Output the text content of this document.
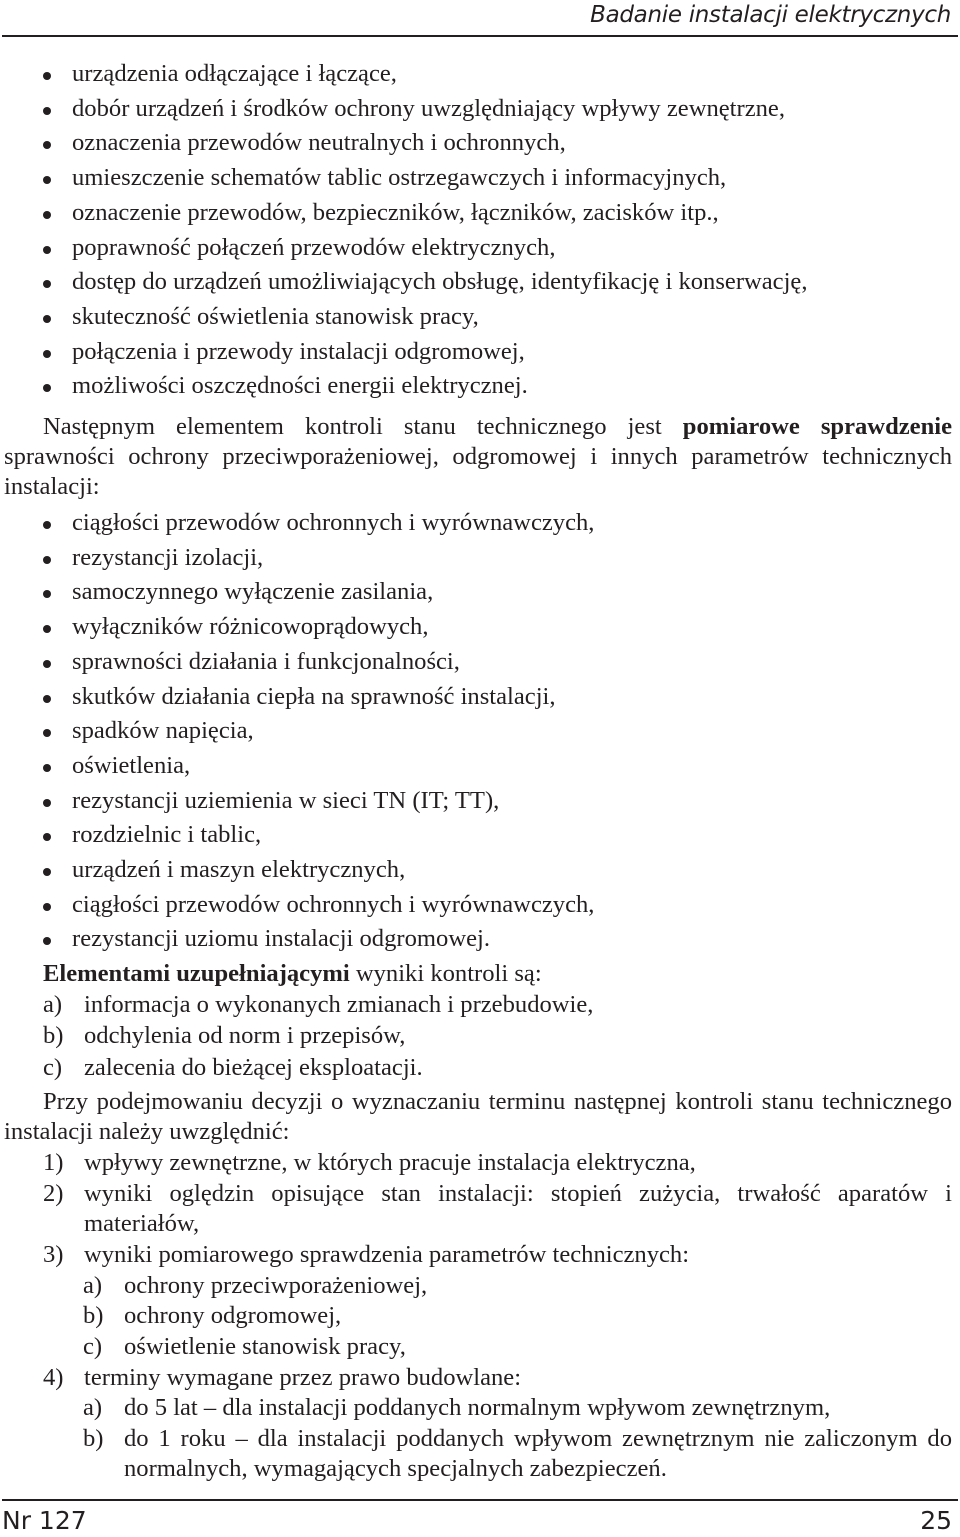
Badanie instalacji elektrycznych
urządzenia odłączające i łączące,
dobór urządzeń i środków ochrony uwzględniający wpływy zewnętrzne,
oznaczenia przewodów neutralnych i ochronnych,
umieszczenie schematów tablic ostrzegawczych i informacyjnych,
oznaczenie przewodów, bezpieczników, łączników, zacisków itp.,
poprawność połączeń przewodów elektrycznych,
dostęp do urządzeń umożliwiających obsługę, identyfikację i konserwację,
skuteczność oświetlenia stanowisk pracy,
połączenia i przewody instalacji odgromowej,
możliwości oszczędności energii elektrycznej.

Następnym elementem kontroli stanu technicznego jest pomiarowe sprawdzenie sprawności ochrony przeciwporażeniowej, odgromowej i innych parametrów technicznych instalacji:

ciągłości przewodów ochronnych i wyrównawczych,
rezystancji izolacji,
samoczynnego wyłączenie zasilania,
wyłączników różnicowoprądowych,
sprawności działania i funkcjonalności,
skutków działania ciepła na sprawność instalacji,
spadków napięcia,
oświetlenia,
rezystancji uziemienia w sieci TN (IT; TT),
rozdzielnic i tablic,
urządzeń i maszyn elektrycznych,
ciągłości przewodów ochronnych i wyrównawczych,
rezystancji uziomu instalacji odgromowej.

Elementami uzupełniającymi wyniki kontroli są:

a) informacja o wykonanych zmianach i przebudowie,
b) odchylenia od norm i przepisów,
c) zalecenia do bieżącej eksploatacji.

Przy podejmowaniu decyzji o wyznaczaniu terminu następnej kontroli stanu technicznego instalacji należy uwzględnić:

1) wpływy zewnętrzne, w których pracuje instalacja elektryczna,
2) wyniki oględzin opisujące stan instalacji: stopień zużycia, trwałość aparatów i materiałów,
3) wyniki pomiarowego sprawdzenia parametrów technicznych:
a) ochrony przeciwporażeniowej,
b) ochrony odgromowej,
c) oświetlenie stanowisk pracy,
4) terminy wymagane przez prawo budowlane:
a) do 5 lat – dla instalacji poddanych normalnym wpływom zewnętrznym,
b) do 1 roku – dla instalacji poddanych wpływom zewnętrznym nie zaliczonym do normalnych, wymagających specjalnych zabezpieczeń.
Nr 127	25
